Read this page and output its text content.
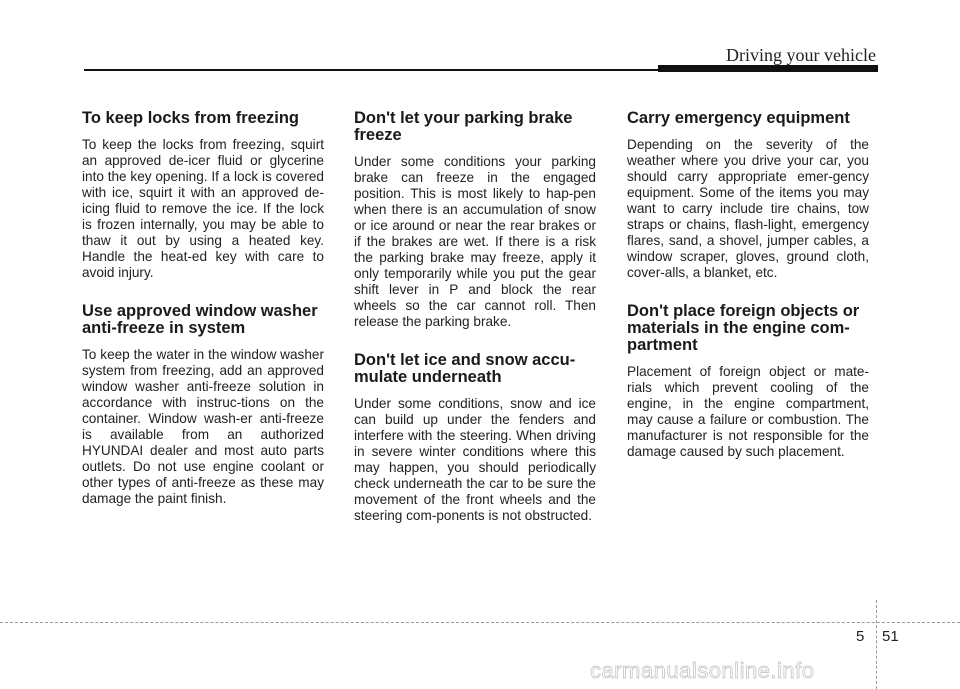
Driving your vehicle
To keep locks from freezing

To keep the locks from freezing, squirt an approved de-icer fluid or glycerine into the key opening. If a lock is covered with ice, squirt it with an approved de-icing fluid to remove the ice. If the lock is frozen internally, you may be able to thaw it out by using a heated key. Handle the heat-ed key with care to avoid injury.

Use approved window washer anti-freeze in system

To keep the water in the window washer system from freezing, add an approved window washer anti-freeze solution in accordance with instruc-tions on the container. Window wash-er anti-freeze is available from an authorized HYUNDAI dealer and most auto parts outlets. Do not use engine coolant or other types of anti-freeze as these may damage the paint finish.

Don't let your parking brake freeze

Under some conditions your parking brake can freeze in the engaged position. This is most likely to hap-pen when there is an accumulation of snow or ice around or near the rear brakes or if the brakes are wet. If there is a risk the parking brake may freeze, apply it only temporarily while you put the gear shift lever in P and block the rear wheels so the car cannot roll. Then release the parking brake.

Don't let ice and snow accu-mulate underneath

Under some conditions, snow and ice can build up under the fenders and interfere with the steering. When driving in severe winter conditions where this may happen, you should periodically check underneath the car to be sure the movement of the front wheels and the steering com-ponents is not obstructed.

Carry emergency equipment

Depending on the severity of the weather where you drive your car, you should carry appropriate emer-gency equipment. Some of the items you may want to carry include tire chains, tow straps or chains, flash-light, emergency flares, sand, a shovel, jumper cables, a window scraper, gloves, ground cloth, cover-alls, a blanket, etc.

Don't place foreign objects or materials in the engine com-partment

Placement of foreign object or mate-rials which prevent cooling of the engine, in the engine compartment, may cause a failure or combustion. The manufacturer is not responsible for the damage caused by such placement.

5 51
carmanualsonline.info
